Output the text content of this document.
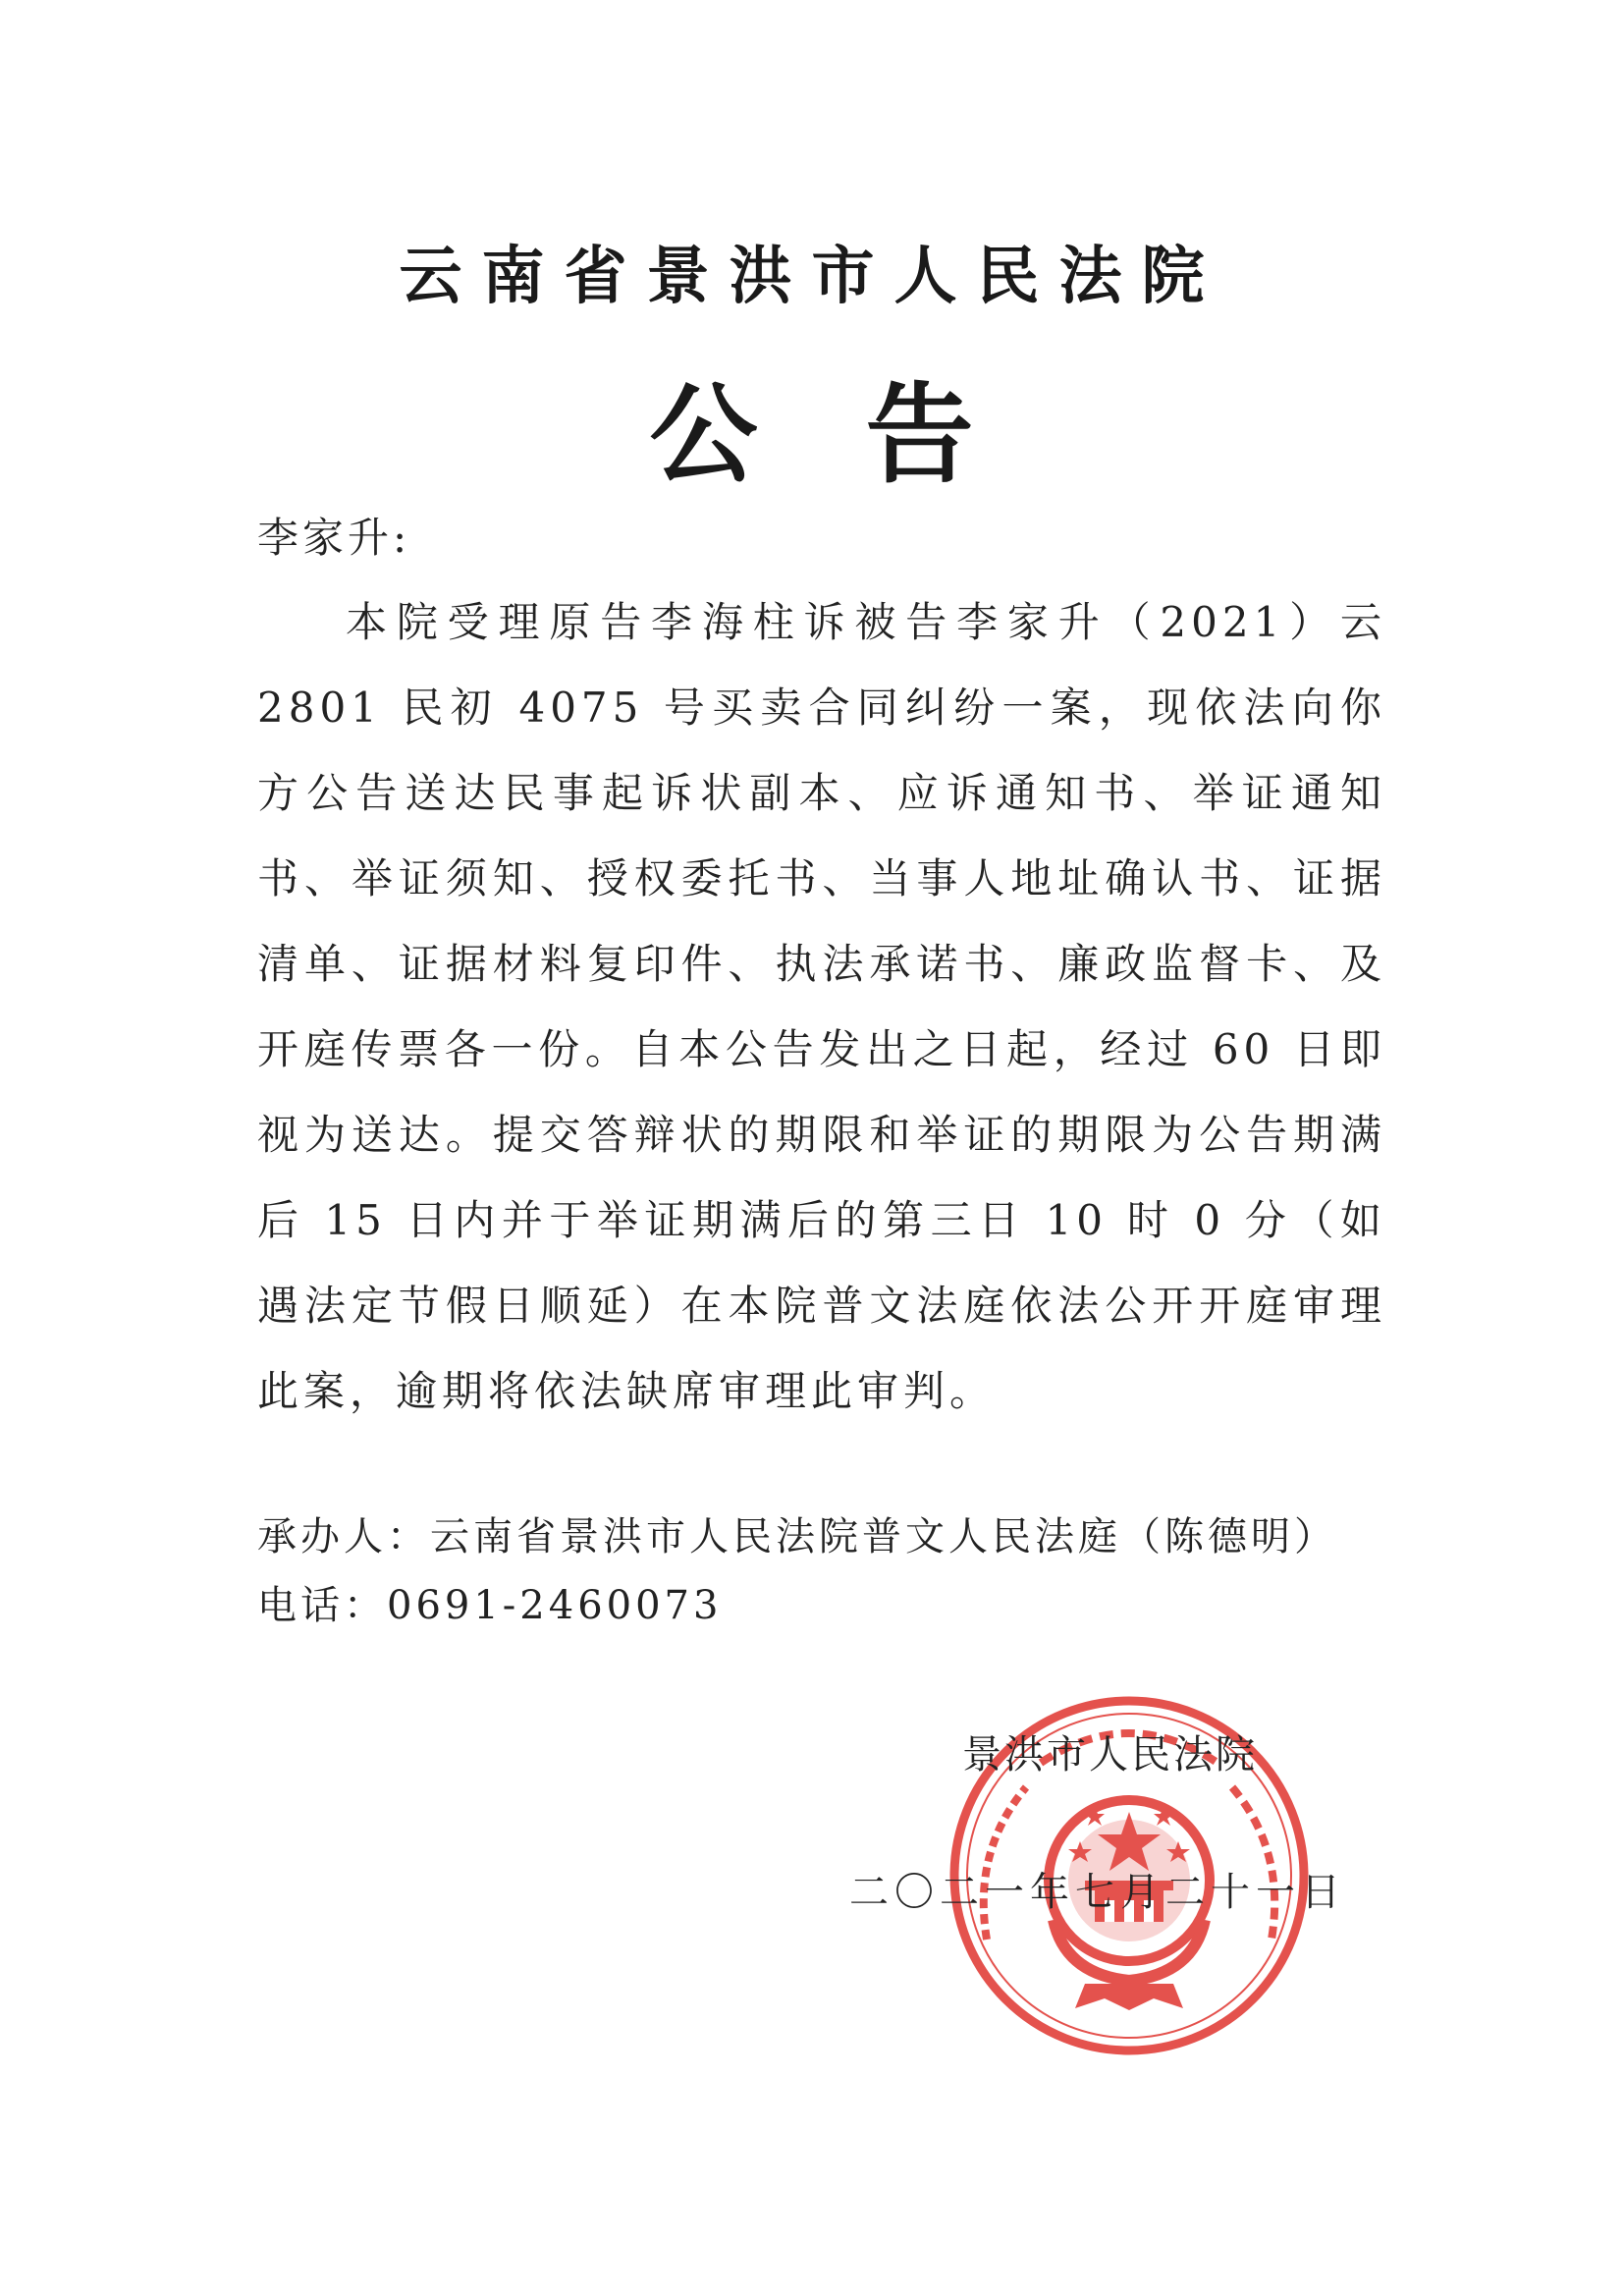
云南省景洪市人民法院
公告
李家升:
本院受理原告李海柱诉被告李家升（2021）云 2801 民初 4075 号买卖合同纠纷一案，现依法向你方公告送达民事起诉状副本、应诉通知书、举证通知书、举证须知、授权委托书、当事人地址确认书、证据清单、证据材料复印件、执法承诺书、廉政监督卡、及开庭传票各一份。自本公告发出之日起，经过 60 日即视为送达。提交答辩状的期限和举证的期限为公告期满后 15 日内并于举证期满后的第三日 10 时 0 分（如遇法定节假日顺延）在本院普文法庭依法公开开庭审理此案，逾期将依法缺席审理此审判。
承办人：云南省景洪市人民法院普文人民法庭（陈德明）
电话：0691-2460073
景洪市人民法院
二〇二一年七月二十一日
